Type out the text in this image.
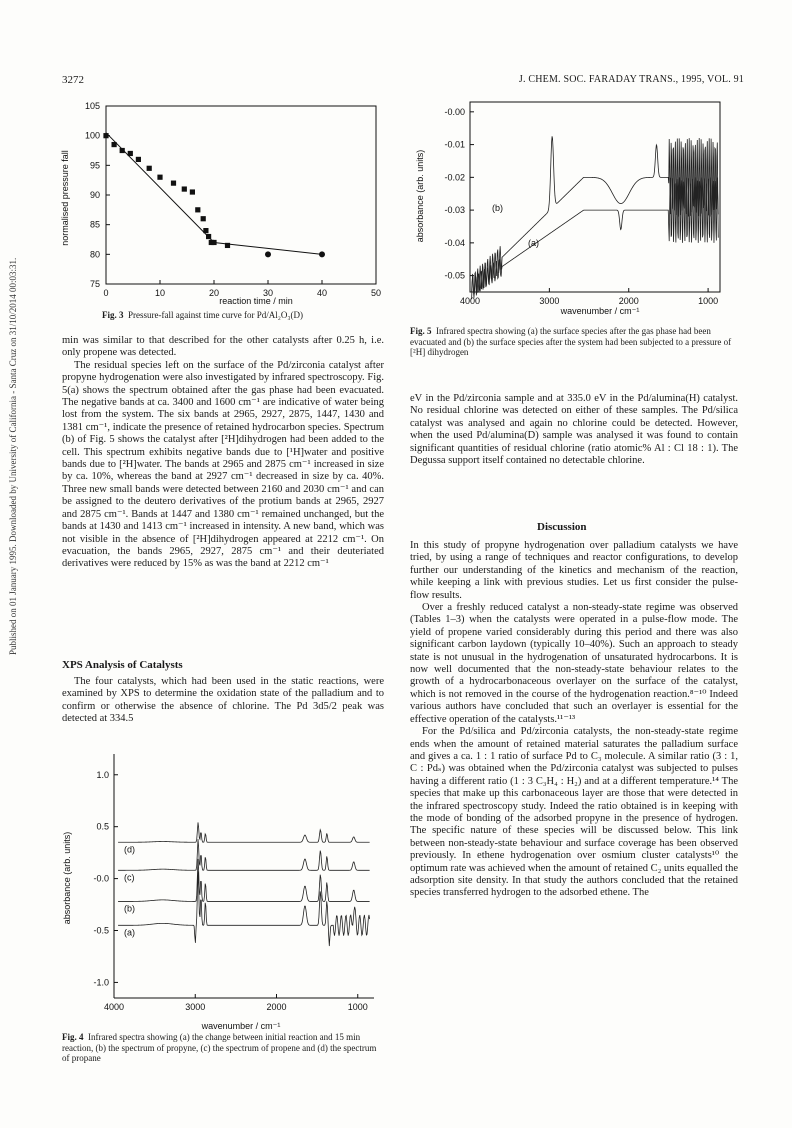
3272	J. CHEM. SOC. FARADAY TRANS., 1995, VOL. 91
Published on 01 January 1995. Downloaded by University of California - Santa Cruz on 31/10/2014 00:03:31.
105
100
95
90
85
80
75
0	10	20	30	40	50
reaction time / min
normalised pressure fall
Fig. 3 Pressure-fall against time curve for Pd/Al₂O₃(D)
-0.00
-0.01
-0.02
-0.03
-0.04
-0.05
4000	3000	2000	1000
(b)
(a)
wavenumber / cm⁻¹
absorbance (arb. units)
Fig. 5 Infrared spectra showing (a) the surface species after the gas phase had been evacuated and (b) the surface species after the system had been subjected to a pressure of [²H] dihydrogen

min was similar to that described for the other catalysts after 0.25 h, i.e. only propene was detected.

The residual species left on the surface of the Pd/zirconia catalyst after propyne hydrogenation were also investigated by infrared spectroscopy. Fig. 5(a) shows the spectrum obtained after the gas phase had been evacuated. The negative bands at ca. 3400 and 1600 cm⁻¹ are indicative of water being lost from the system. The six bands at 2965, 2927, 2875, 1447, 1430 and 1381 cm⁻¹, indicate the presence of retained hydrocarbon species. Spectrum (b) of Fig. 5 shows the catalyst after [²H]dihydrogen had been added to the cell. This spectrum exhibits negative bands due to [¹H]water and positive bands due to [²H]water. The bands at 2965 and 2875 cm⁻¹ increased in size by ca. 10%, whereas the band at 2927 cm⁻¹ decreased in size by ca. 40%. Three new small bands were detected between 2160 and 2030 cm⁻¹ and can be assigned to the deutero derivatives of the protium bands at 2965, 2927 and 2875 cm⁻¹. Bands at 1447 and 1380 cm⁻¹ remained unchanged, but the bands at 1430 and 1413 cm⁻¹ increased in intensity. A new band, which was not visible in the absence of [²H]dihydrogen appeared at 2212 cm⁻¹. On evacuation, the bands 2965, 2927, 2875 cm⁻¹ and their deuteriated derivatives were reduced by 15% as was the band at 2212 cm⁻¹

XPS Analysis of Catalysts

The four catalysts, which had been used in the static reactions, were examined by XPS to determine the oxidation state of the palladium and to confirm or otherwise the absence of chlorine. The Pd 3d5/2 peak was detected at 334.5

1.0
0.5
-0.0
-0.5
-1.0
4000	3000	2000	1000
(d)
(c)
(b)
(a)
wavenumber / cm⁻¹
absorbance (arb. units)
Fig. 4 Infrared spectra showing (a) the change between initial reaction and 15 min reaction, (b) the spectrum of propyne, (c) the spectrum of propene and (d) the spectrum of propane

eV in the Pd/zirconia sample and at 335.0 eV in the Pd/alumina(H) catalyst. No residual chlorine was detected on either of these samples. The Pd/silica catalyst was analysed and again no chlorine could be detected. However, when the used Pd/alumina(D) sample was analysed it was found to contain significant quantities of residual chlorine (ratio atomic% Al : Cl 18 : 1). The Degussa support itself contained no detectable chlorine.

Discussion

In this study of propyne hydrogenation over palladium catalysts we have tried, by using a range of techniques and reactor configurations, to develop further our understanding of the kinetics and mechanism of the reaction, while keeping a link with previous studies. Let us first consider the pulse-flow results.

Over a freshly reduced catalyst a non-steady-state regime was observed (Tables 1–3) when the catalysts were operated in a pulse-flow mode. The yield of propene varied considerably during this period and there was also significant carbon laydown (typically 10–40%). Such an approach to steady state is not unusual in the hydrogenation of unsaturated hydrocarbons. It is now well documented that the non-steady-state behaviour relates to the growth of a hydrocarbonaceous overlayer on the surface of the catalyst, which is not removed in the course of the hydrogenation reaction.⁸⁻¹⁰ Indeed various authors have concluded that such an overlayer is essential for the effective operation of the catalysts.¹¹⁻¹³

For the Pd/silica and Pd/zirconia catalysts, the non-steady-state regime ends when the amount of retained material saturates the palladium surface and gives a ca. 1 : 1 ratio of surface Pd to C₃ molecule. A similar ratio (3 : 1, C : Pdₛ) was obtained when the Pd/zirconia catalyst was subjected to pulses having a different ratio (1 : 3 C₃H₄ : H₂) and at a different temperature.¹⁴ The species that make up this carbonaceous layer are those that were detected in the infrared spectroscopy study. Indeed the ratio obtained is in keeping with the mode of bonding of the adsorbed propyne in the presence of hydrogen. The specific nature of these species will be discussed below. This link between non-steady-state behaviour and surface coverage has been observed previously. In ethene hydrogenation over osmium cluster catalysts¹⁰ the optimum rate was achieved when the amount of retained C₂ units equalled the adsorption site density. In that study the authors concluded that the retained species transferred hydrogen to the adsorbed ethene. The
